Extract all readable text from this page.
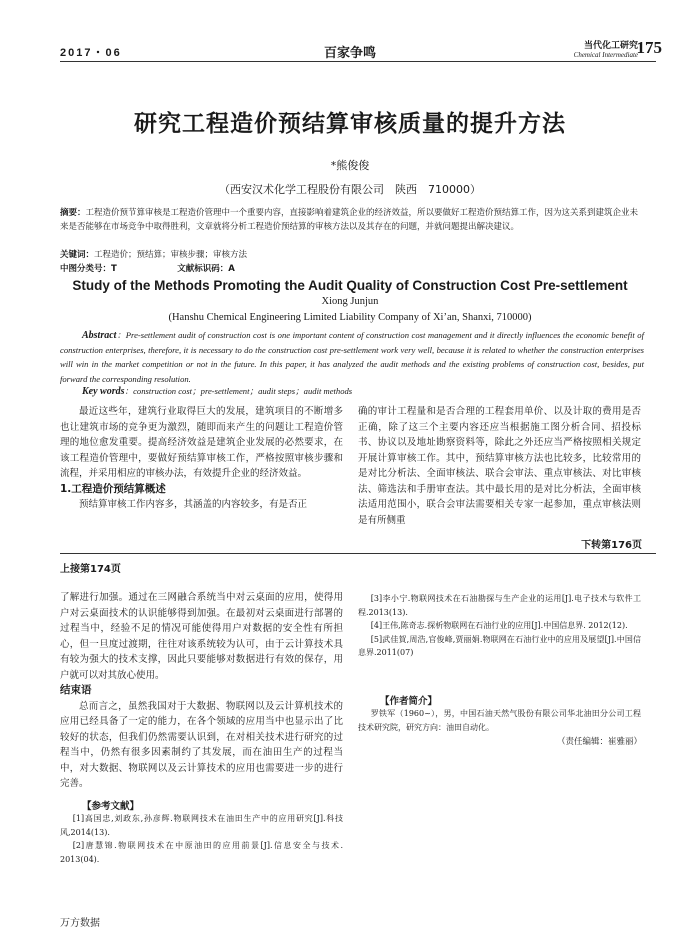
2017・06	百家争鸣	当代化工研究
Chemical Intermediate
175
研究工程造价预结算审核质量的提升方法
*熊俊俊
（西安汉术化学工程股份有限公司　陕西　710000）
摘要：工程造价预节算审核是工程造价管理中一个重要内容，直接影响着建筑企业的经济效益，所以要做好工程造价预结算工作，因为这关系到建筑企业未来是否能够在市场竞争中取得胜利，文章就将分析工程造价预结算的审核方法以及其存在的问题，并就问题提出解决建议。
关键词：工程造价；预结算；审核步骤；审核方法
中图分类号：T	文献标识码：A
Study of the Methods Promoting the Audit Quality of Construction Cost Pre-settlement
Xiong Junjun
(Hanshu Chemical Engineering Limited Liability Company of Xi’an, Shanxi, 710000)
Abstract：Pre-settlement audit of construction cost is one important content of construction cost management and it directly influences the economic benefit of construction enterprises, therefore, it is necessary to do the construction cost pre-settlement work very well, because it is related to whether the construction enterprises will win in the market competition or not in the future. In this paper, it has analyzed the audit methods and the existing problems of construction cost, besides, put forward the corresponding resolution.
Key words：construction cost；pre-settlement；audit steps；audit methods

最近这些年，建筑行业取得巨大的发展，建筑项目的不断增多也让建筑市场的竞争更为激烈，随即而来产生的问题让工程造价管理的地位愈发重要。提高经济效益是建筑企业发展的必然要求，在该工程造价管理中，要做好预结算审核工作，严格按照审核步骤和流程，并采用相应的审核办法，有效提升企业的经济效益。

1.工程造价预结算概述

预结算审核工作内容多，其涵盖的内容较多，有是否正

确的审计工程量和是否合理的工程套用单价、以及计取的费用是否正确，除了这三个主要内容还应当根据施工图分析合同、招投标书、协议以及地址勘察资料等，除此之外还应当严格按照相关规定开展计算审核工作。其中，预结算审核方法也比较多，比较常用的是对比分析法、全面审核法、联合会审法、重点审核法、对比审核法、筛选法和手册审查法。其中最长用的是对比分析法，全面审核法适用范围小，联合会审法需要相关专家一起参加，重点审核法则是有所侧重

下转第176页
上接第174页

了解进行加强。通过在三网融合系统当中对云桌面的应用，使得用户对云桌面技术的认识能够得到加强。在最初对云桌面进行部署的过程当中，经验不足的情况可能使得用户对数据的安全性有所担心，但一旦度过渡期，往往对该系统较为认可，由于云计算技术具有较为强大的技术支撑，因此只要能够对数据进行有效的保存，用户就可以对其放心使用。

结束语

总而言之，虽然我国对于大数据、物联网以及云计算机技术的应用已经具备了一定的能力，在各个领域的应用当中也显示出了比较好的状态，但我们仍然需要认识到，在对相关技术进行研究的过程当中，仍然有很多因素制约了其发展，而在油田生产的过程当中，对大数据、物联网以及云计算技术的应用也需要进一步的进行完善。

【参考文献】
[1]高国忠,刘政东,孙彦辉.物联网技术在油田生产中的应用研究[J].科技风,2014(13).
[2]唐慧锦.物联网技术在中原油田的应用前景[J].信息安全与技术. 2013(04).
[3]李小宁.物联网技术在石油勘探与生产企业的运用[J].电子技术与软件工程.2013(13).
[4]王伟,陈奇志.探析物联网在石油行业的应用[J].中国信息界. 2012(12).
[5]武佳賀,周浩,官俊峰,贾丽娟.物联网在石油行业中的应用及展望[J].中国信息界.2011(07)
【作者简介】
罗铁军（1960~），男，中国石油天然气股份有限公司华北油田分公司工程技术研究院，研究方向：油田自动化。
（责任编辑：崔雅丽）
万方数据
